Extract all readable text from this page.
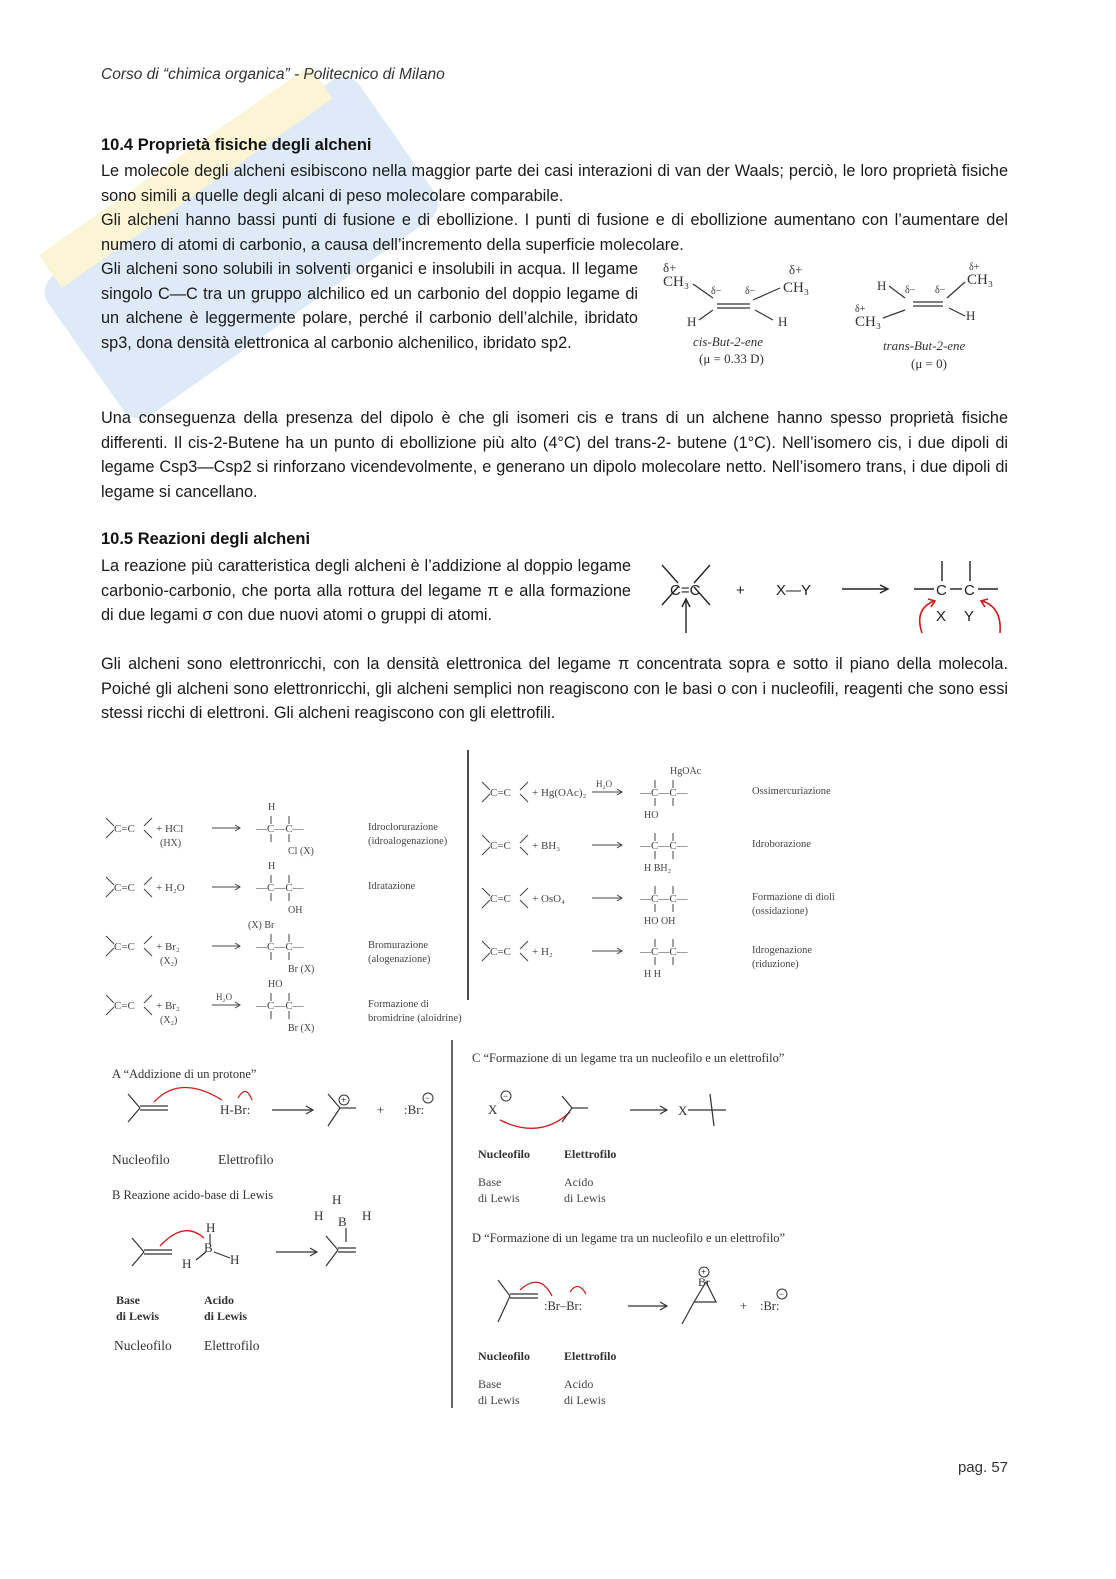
Corso di “chimica organica” - Politecnico di Milano
10.4 Proprietà fisiche degli alcheni
Le molecole degli alcheni esibiscono nella maggior parte dei casi interazioni di van der Waals; perciò, le loro proprietà fisiche sono simili a quelle degli alcani di peso molecolare comparabile.
Gli alcheni hanno bassi punti di fusione e di ebollizione. I punti di fusione e di ebollizione aumentano con l’aumentare del numero di atomi di carbonio, a causa dell’incremento della superficie molecolare.
Gli alcheni sono solubili in solventi organici e insolubili in acqua. Il legame singolo C—C tra un gruppo alchilico ed un carbonio del doppio legame di un alchene è leggermente polare, perché il carbonio dell’alchile, ibridato sp3, dona densità elettronica al carbonio alchenilico, ibridato sp2.
δ+
CH₃
δ− δ−
δ+
CH₃
H	H
cis-But-2-ene
(μ = 0.33 D)
H δ− δ−
δ+
CH₃
δ+
CH₃
H
trans-But-2-ene
(μ = 0)
Una conseguenza della presenza del dipolo è che gli isomeri cis e trans di un alchene hanno spesso proprietà fisiche differenti. Il cis-2-Butene ha un punto di ebollizione più alto (4°C) del trans-2- butene (1°C). Nell’isomero cis, i due dipoli di legame Csp3—Csp2 si rinforzano vicendevolmente, e generano un dipolo molecolare netto. Nell’isomero trans, i due dipoli di legame si cancellano.
10.5 Reazioni degli alcheni
La reazione più caratteristica degli alcheni è l’addizione al doppio legame carbonio-carbonio, che porta alla rottura del legame π e alla formazione di due legami σ con due nuovi atomi o gruppi di atomi.
C=C + X—Y	C C
X Y
Gli alcheni sono elettronricchi, con la densità elettronica del legame π concentrata sopra e sotto il piano della molecola. Poiché gli alcheni sono elettronricchi, gli alcheni semplici non reagiscono con le basi o con i nucleofili, reagenti che sono essi stessi ricchi di elettroni. Gli alcheni reagiscono con gli elettrofili.
C=C + HCl
(HX)
—C—C—
H
Cl (X)
Idroclorurazione
(idroalogenazione)
C=C + H₂O	—C—C—
H
OH
Idratazione
C=C + Br₂
(X₂)
—C—C—
(X) Br
Br (X)
Bromurazione
(alogenazione)
C=C + Br₂
(X₂)
H₂O
—C—C—
HO
Br (X)
Formazione di
bromidrine (aloidrine)
C=C + Hg(OAc)₂
H₂O
—C—C—
HgOAc
HO
Ossimercuriazione
C=C + BH₃	—C—C—
H BH₂
Idroborazione
C=C + OsO₄	—C—C—
HO OH
Formazione di dioli
(ossidazione)
C=C + H₂	—C—C—
H H
Idrogenazione
(riduzione)
A “Addizione di un protone”
H-Br:
+
+ :Br:
−
Nucleofilo	Elettrofilo
B Reazione acido-base di Lewis
H
B
H
H
H
H B H
Base
di Lewis
Acido
di Lewis
Nucleofilo Elettrofilo
C “Formazione di un legame tra un nucleofilo e un elettrofilo”
X
−
X
Nucleofilo	Elettrofilo
Base
di Lewis
Acido
di Lewis
D “Formazione di un legame tra un nucleofilo e un elettrofilo”
:Br–Br:
Br
+
+ :Br:
−
Nucleofilo	Elettrofilo
Base
di Lewis
Acido
di Lewis
pag. 57
